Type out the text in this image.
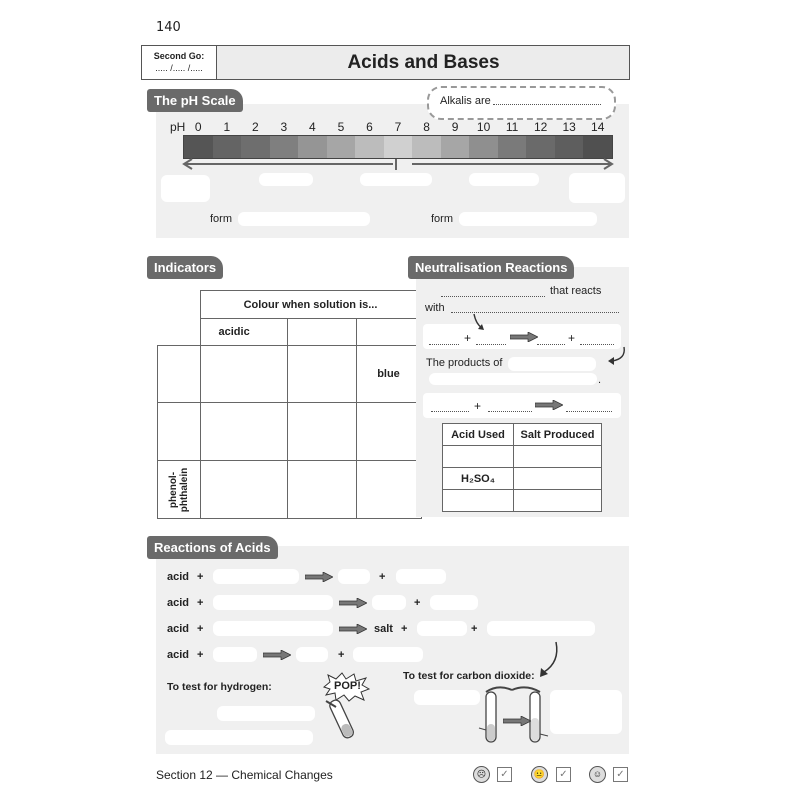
140
Second Go:
..... /..... /.....	Acids and Bases
The pH Scale	Alkalis are
pH 0	1	2	3	4	5	6	7	8	9	10 11 12 13 14
form	form
Indicators
	Colour when solution is...		
	acidic		
			blue

phenol-phthalein			

Neutralisation Reactions
that reacts
with
+	+
The products of
.
+
Acid Used	Salt Produced

H₂SO₄	

Reactions of Acids
acid +	+
acid +	+
acid +	salt +	+
acid +	+
To test for hydrogen:	POP!
To test for carbon dioxide:
Section 12 — Chemical Changes	☹	✓	😐	✓	☺	✓
